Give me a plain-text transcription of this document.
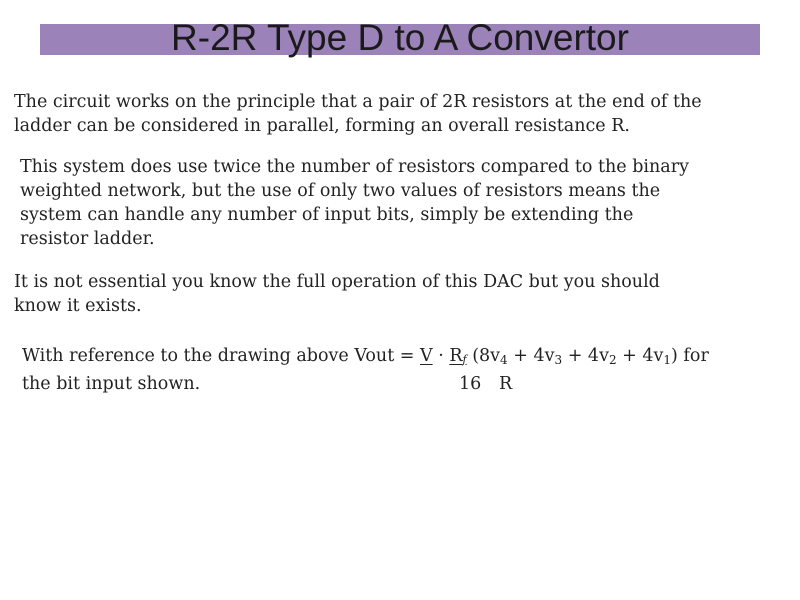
R-2R Type D to A Convertor
The circuit works on the principle that a pair of 2R resistors at the end of the
ladder can be considered in parallel, forming an overall resistance R.
This system does use twice the number of resistors compared to the binary
weighted network, but the use of only two values of resistors means the
system can handle any number of input bits, simply be extending the
resistor ladder.
It is not essential you know the full operation of this DAC but you should
know it exists.
With reference to the drawing above Vout = V · Rf $(8v_4 + 4v_3 + 4v_2 + 4v_1)$ for
the bit input shown.	16 R
